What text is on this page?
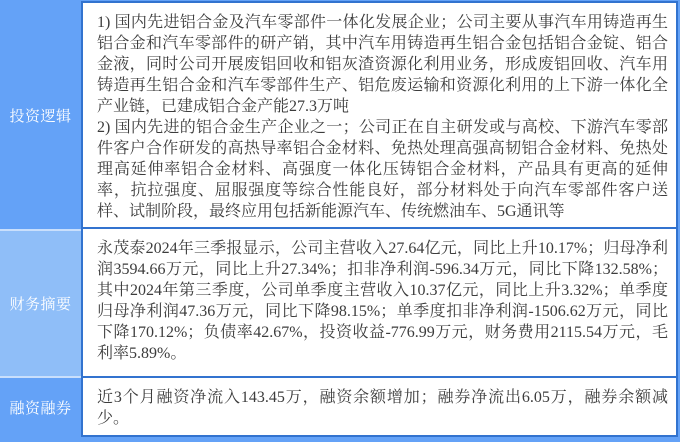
投资逻辑

1) 国内先进铝合金及汽车零部件一体化发展企业；公司主要从事汽车用铸造再生铝合金和汽车零部件的研产销，其中汽车用铸造再生铝合金包括铝合金锭、铝合金液，同时公司开展废铝回收和铝灰渣资源化利用业务，形成废铝回收、汽车用铸造再生铝合金和汽车零部件生产、铝危废运输和资源化利用的上下游一体化全产业链，已建成铝合金产能27.3万吨

2) 国内先进的铝合金生产企业之一；公司正在自主研发或与高校、下游汽车零部件客户合作研发的高热导率铝合金材料、免热处理高强高韧铝合金材料、免热处理高延伸率铝合金材料、高强度一体化压铸铝合金材料，产品具有更高的延伸率，抗拉强度、屈服强度等综合性能良好，部分材料处于向汽车零部件客户送样、试制阶段，最终应用包括新能源汽车、传统燃油车、5G通讯等

财务摘要

永茂泰2024年三季报显示，公司主营收入27.64亿元，同比上升10.17%；归母净利润3594.66万元，同比上升27.34%；扣非净利润-596.34万元，同比下降132.58%；其中2024年第三季度，公司单季度主营收入10.37亿元，同比上升3.32%；单季度归母净利润47.36万元，同比下降98.15%；单季度扣非净利润-1506.62万元，同比下降170.12%；负债率42.67%，投资收益-776.99万元，财务费用2115.54万元，毛利率5.89%。

融资融券

近3个月融资净流入143.45万，融资余额增加；融券净流出6.05万，融券余额减少。
